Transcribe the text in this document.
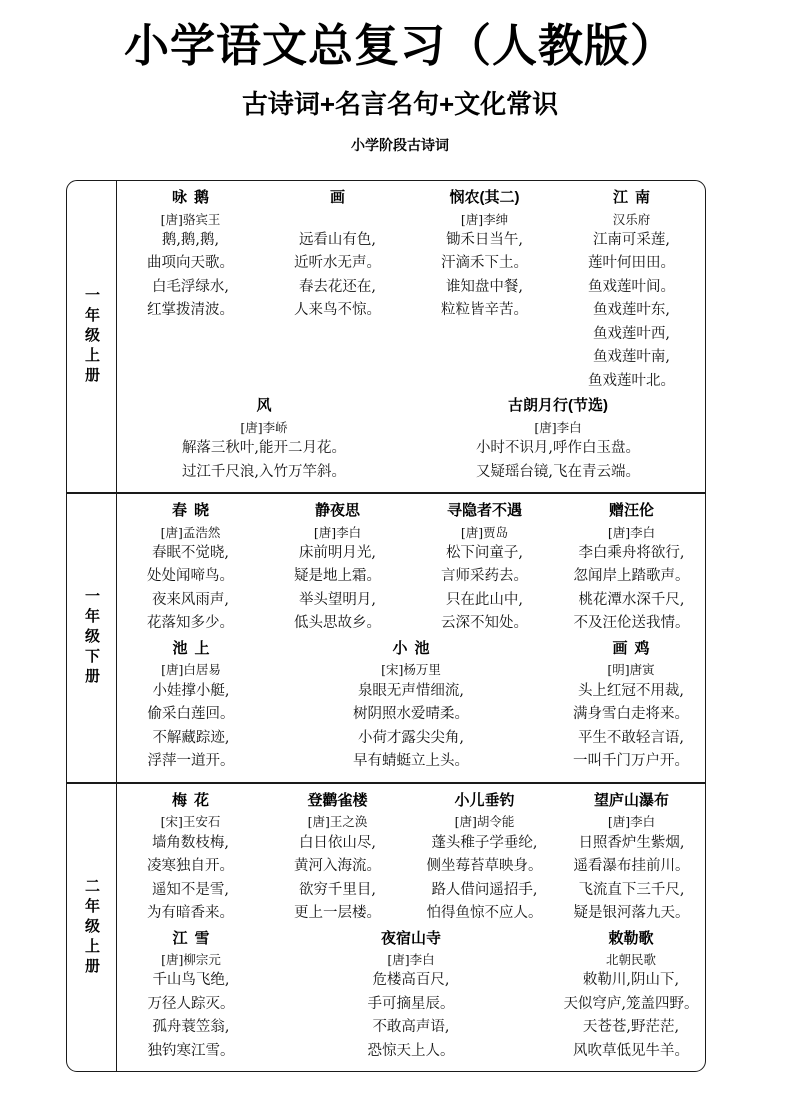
小学语文总复习（人教版）
古诗词+名言名句+文化常识
小学阶段古诗词
一年级上册
咏鹅
[唐]骆宾王
鹅,鹅,鹅,
曲项向天歌。
白毛浮绿水,
红掌拨清波。
画
远看山有色,
近听水无声。
春去花还在,
人来鸟不惊。
悯农(其二)
[唐]李绅
锄禾日当午,
汗滴禾下土。
谁知盘中餐,
粒粒皆辛苦。
江南
汉乐府
江南可采莲,
莲叶何田田。
鱼戏莲叶间。
鱼戏莲叶东,
鱼戏莲叶西,
鱼戏莲叶南,
鱼戏莲叶北。
风
[唐]李峤
解落三秋叶,能开二月花。
过江千尺浪,入竹万竿斜。
古朗月行(节选)
[唐]李白
小时不识月,呼作白玉盘。
又疑瑶台镜,飞在青云端。
一年级下册
春晓
[唐]孟浩然
春眠不觉晓,
处处闻啼鸟。
夜来风雨声,
花落知多少。
静夜思
[唐]李白
床前明月光,
疑是地上霜。
举头望明月,
低头思故乡。
寻隐者不遇
[唐]贾岛
松下问童子,
言师采药去。
只在此山中,
云深不知处。
赠汪伦
[唐]李白
李白乘舟将欲行,
忽闻岸上踏歌声。
桃花潭水深千尺,
不及汪伦送我情。
池上
[唐]白居易
小娃撑小艇,
偷采白莲回。
不解藏踪迹,
浮萍一道开。
小池
[宋]杨万里
泉眼无声惜细流,
树阴照水爱晴柔。
小荷才露尖尖角,
早有蜻蜓立上头。
画鸡
[明]唐寅
头上红冠不用裁,
满身雪白走将来。
平生不敢轻言语,
一叫千门万户开。
二年级上册
梅花
[宋]王安石
墙角数枝梅,
凌寒独自开。
遥知不是雪,
为有暗香来。
登鹳雀楼
[唐]王之涣
白日依山尽,
黄河入海流。
欲穷千里目,
更上一层楼。
小儿垂钓
[唐]胡令能
蓬头稚子学垂纶,
侧坐莓苔草映身。
路人借问遥招手,
怕得鱼惊不应人。
望庐山瀑布
[唐]李白
日照香炉生紫烟,
遥看瀑布挂前川。
飞流直下三千尺,
疑是银河落九天。
江雪
[唐]柳宗元
千山鸟飞绝,
万径人踪灭。
孤舟蓑笠翁,
独钓寒江雪。
夜宿山寺
[唐]李白
危楼高百尺,
手可摘星辰。
不敢高声语,
恐惊天上人。
敕勒歌
北朝民歌
敕勒川,阴山下,
天似穹庐,笼盖四野。
天苍苍,野茫茫,
风吹草低见牛羊。
